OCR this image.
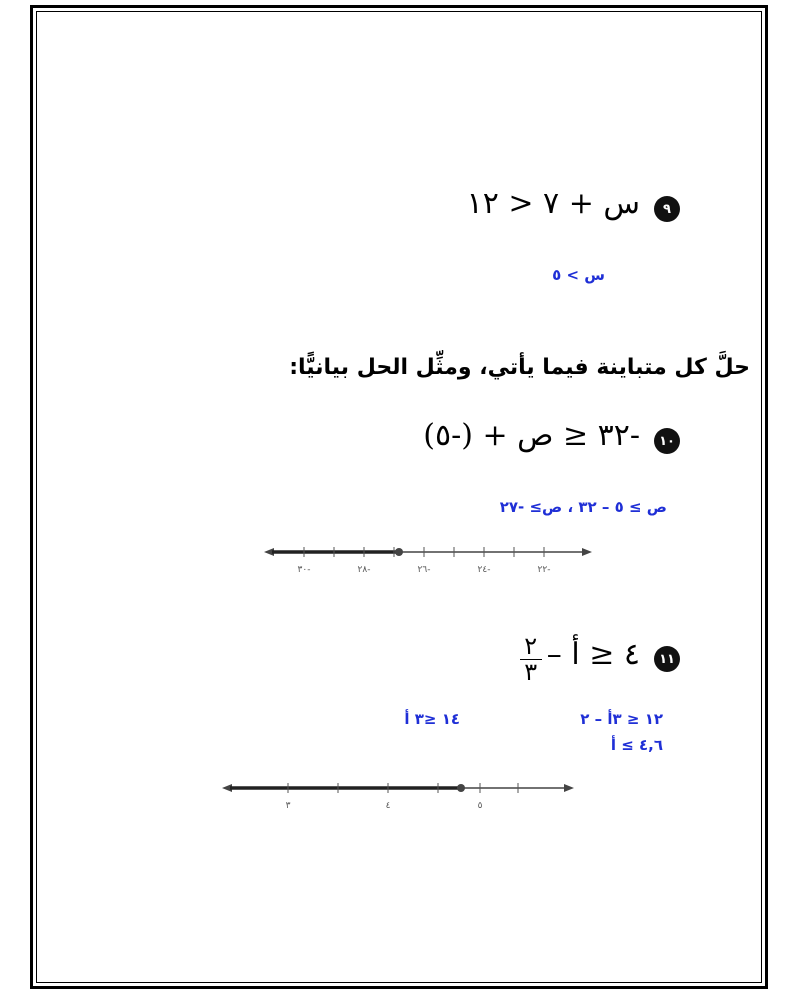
٩
س + ٧ < ١٢
س > ٥
حلَّ كل متباينة فيما يأتي، ومثِّل الحل بيانيًّا:
١٠
-٣٢ ≤ ص + (-٥)
ص ≥ ٥ – ٣٢ ، ص≥ -٢٧
٣٠-	٢٨-	٢٦-	٢٤-	٢٢-
١١
٤ ≤ أ –
$\frac{٢}{٣}$
١٢ ≤ ٣أ – ٢
١٤ ≤٣ أ
٤,٦ ≥ أ
٣	٤	٥
